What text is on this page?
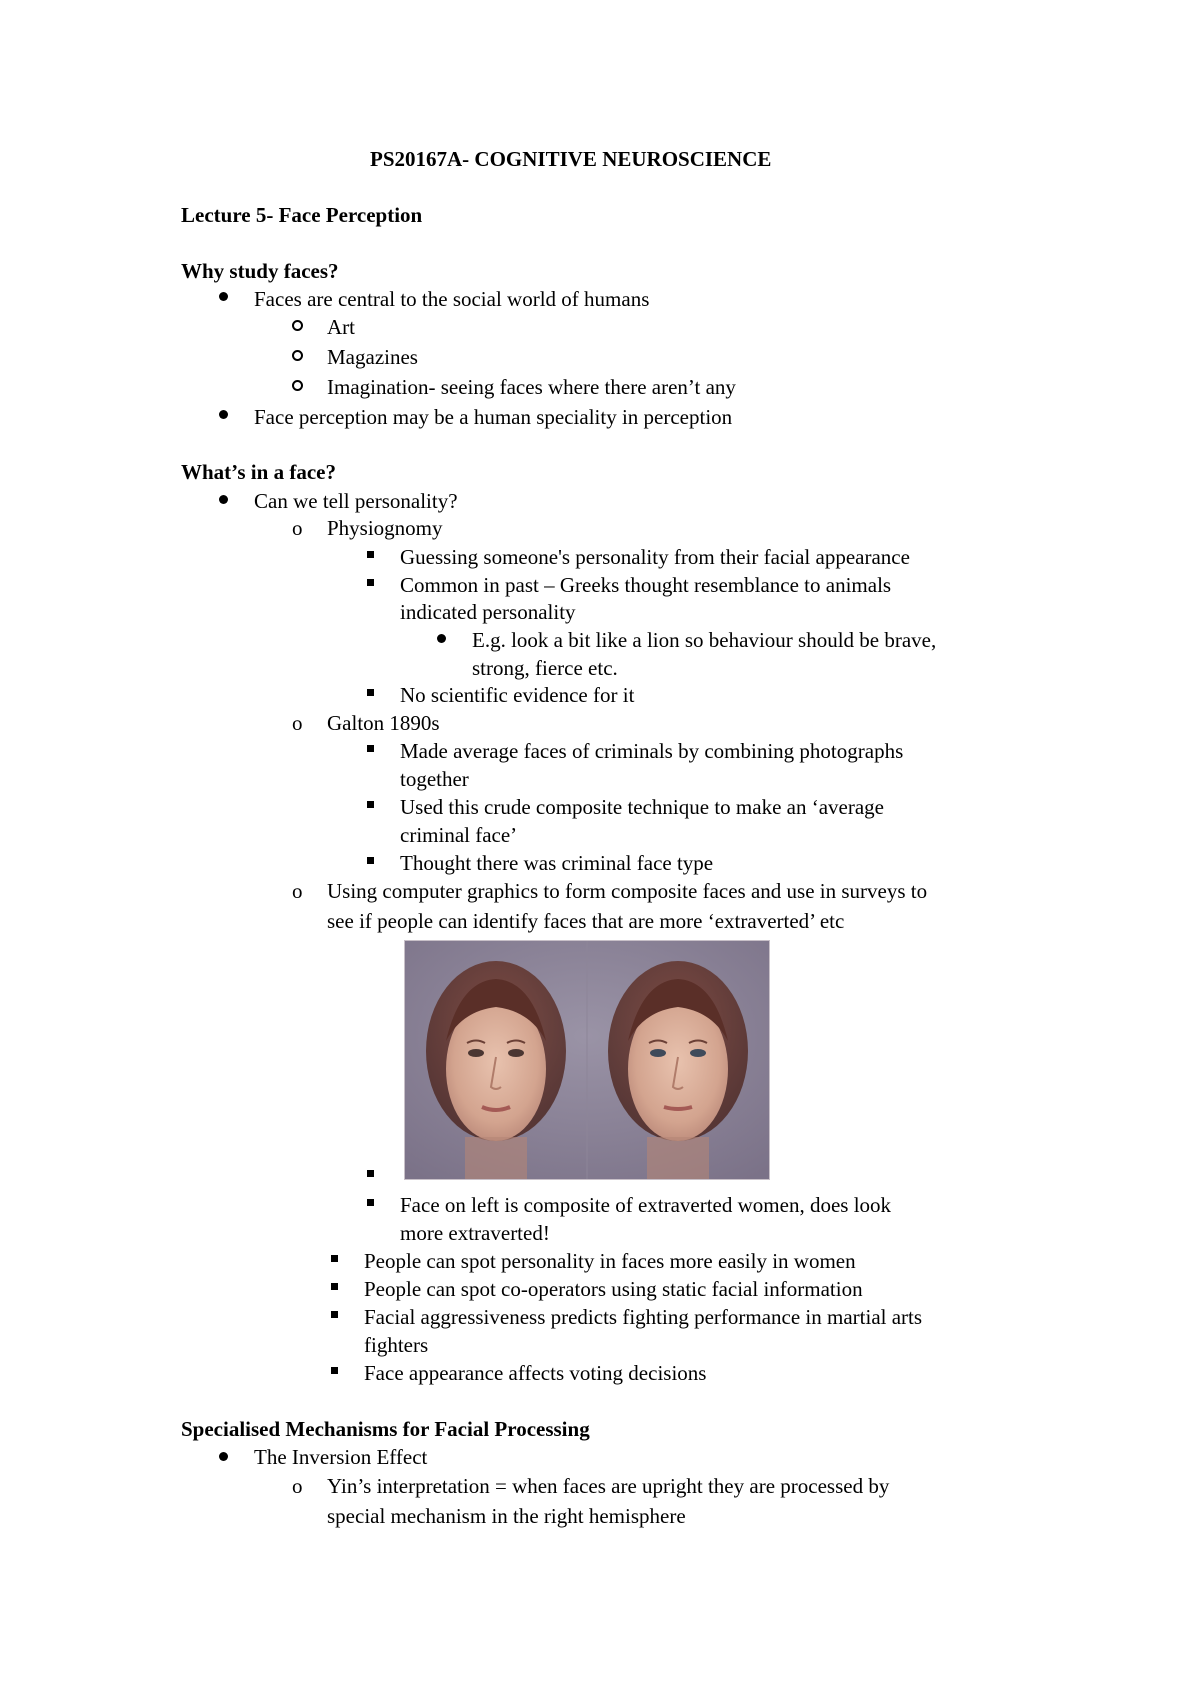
PS20167A- COGNITIVE NEUROSCIENCE
Lecture 5- Face Perception
Why study faces?
Faces are central to the social world of humans
Art
Magazines
Imagination- seeing faces where there aren’t any
Face perception may be a human speciality in perception
What’s in a face?
Can we tell personality?
o Physiognomy
Guessing someone's personality from their facial appearance
Common in past – Greeks thought resemblance to animals
indicated personality
E.g. look a bit like a lion so behaviour should be brave,
strong, fierce etc.
No scientific evidence for it
o Galton 1890s
Made average faces of criminals by combining photographs
together
Used this crude composite technique to make an ‘average
criminal face’
Thought there was criminal face type
o Using computer graphics to form composite faces and use in surveys to
see if people can identify faces that are more ‘extraverted’ etc
Face on left is composite of extraverted women, does look
more extraverted!
People can spot personality in faces more easily in women
People can spot co-operators using static facial information
Facial aggressiveness predicts fighting performance in martial arts
fighters
Face appearance affects voting decisions
Specialised Mechanisms for Facial Processing
The Inversion Effect
o Yin’s interpretation = when faces are upright they are processed by
special mechanism in the right hemisphere
